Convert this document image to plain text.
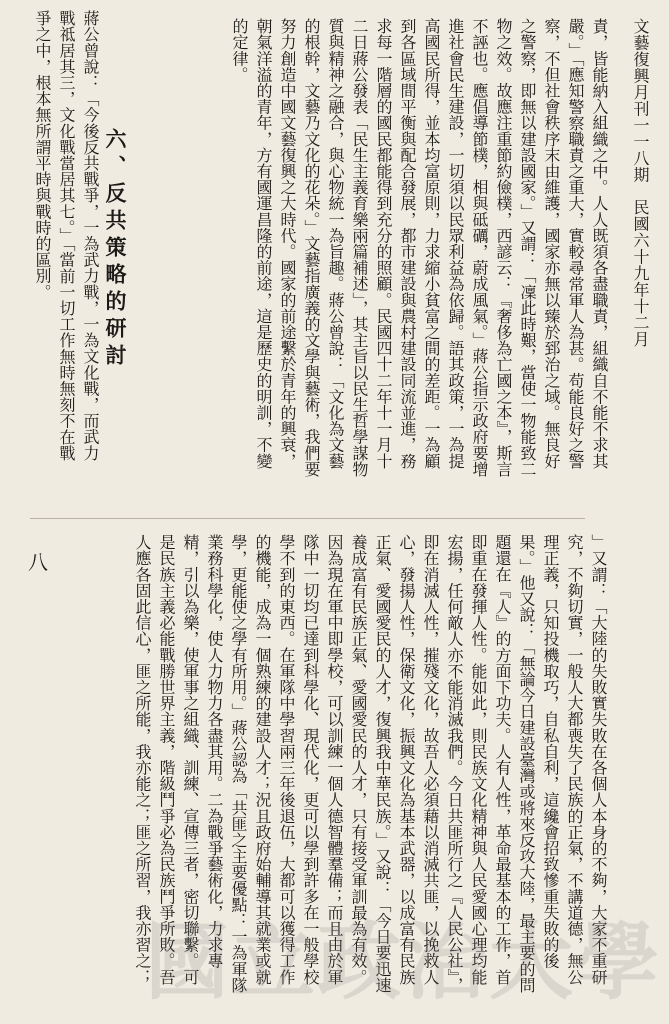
文藝復興月刊一一八期 民國六十九年十二月
八
責，皆能納入組織之中。人人既須各盡職責，組織自不能不求其嚴。」「應知警察職責之重大，實較尋常軍人為甚。苟能良好之警察，不但社會秩序末由維護，國家亦無以臻於郅治之域。無良好之警察，即無以建設國家。」又謂：「凜此時艱，當使一物能致二物之效。故應注重節約儉樸，西諺云：『奢侈為亡國之本』，斯言不誣也。應倡導節樸，相與砥礪，蔚成風氣。」蔣公指示政府要增進社會民生建設，一切須以民眾利益為依歸。語其政策，一為提高國民所得，並本均富原則，力求縮小貧富之間的差距。一為顧到各區域間平衡與配合發展，都市建設與農村建設同流並進，務求每一階層的國民都能得到充分的照顧。民國四十二年十一月十二日蔣公發表「民生主義育樂兩篇補述」，其主旨以民生哲學謀物質與精神之融合，與心物統一為旨趣。蔣公曾說：「文化為文藝的根幹，文藝乃文化的花朵。」文藝指廣義的文學與藝術，我們要努力創造中國文藝復興之大時代。國家的前途繫於青年的興衰，朝氣洋溢的青年，方有國運昌隆的前途，這是歷史的明訓，不變的定律。
六、反共策略的研討
蔣公曾說：「今後反共戰爭，一為武力戰，一為文化戰，而武力戰祗居其三，文化戰當居其七。」「當前一切工作無時無刻不在戰爭之中，根本無所謂平時與戰時的區別。
」又謂：「大陸的失敗實失敗在各個人本身的不夠，大家不重研究，不夠切實，一般人大都喪失了民族的正氣，不講道德，無公理正義，只知投機取巧，自私自利，這纔會招致慘重失敗的後果。」他又說：「無論今日建設臺灣或將來反攻大陸，最主要的問題還在『人』的方面下功夫。人有人性，革命最基本的工作，首即重在發揮人性。能如此，則民族文化精神與人民愛國心理均能宏揚，任何敵人亦不能消滅我們。今日共匪所行之『人民公社』，即在消滅人性，摧殘文化，故吾人必須藉以消滅共匪，以挽救人心，發揚人性，保衛文化，振興文化為基本武器，以成富有民族正氣、愛國愛民的人才，復興我中華民族。」又說：「今日要迅速養成富有民族正氣、愛國愛民的人才，只有接受軍訓最為有效。因為現在軍中即學校，可以訓練一個人德智體羣備；而且由於軍隊中一切均已達到科學化、現代化，更可以學到許多在一般學校學不到的東西。在軍隊中學習兩三年後退伍，大都可以獲得工作的機能，成為一個熟練的建設人才；況且政府始輔導其就業或就學，更能使之學有所用。」蔣公認為「共匪之主要優點：一為軍隊業務科學化，使人力物力各盡其用。二為戰爭藝術化，力求專精，引以為樂，使軍事之組織、訓練、宣傳三者，密切聯繫。可是民族主義必能戰勝世界主義，階級鬥爭必為民族鬥爭所敗。吾人應各固此信心，匪之所能，我亦能之；匪之所習，我亦習之；
國立政治大學
